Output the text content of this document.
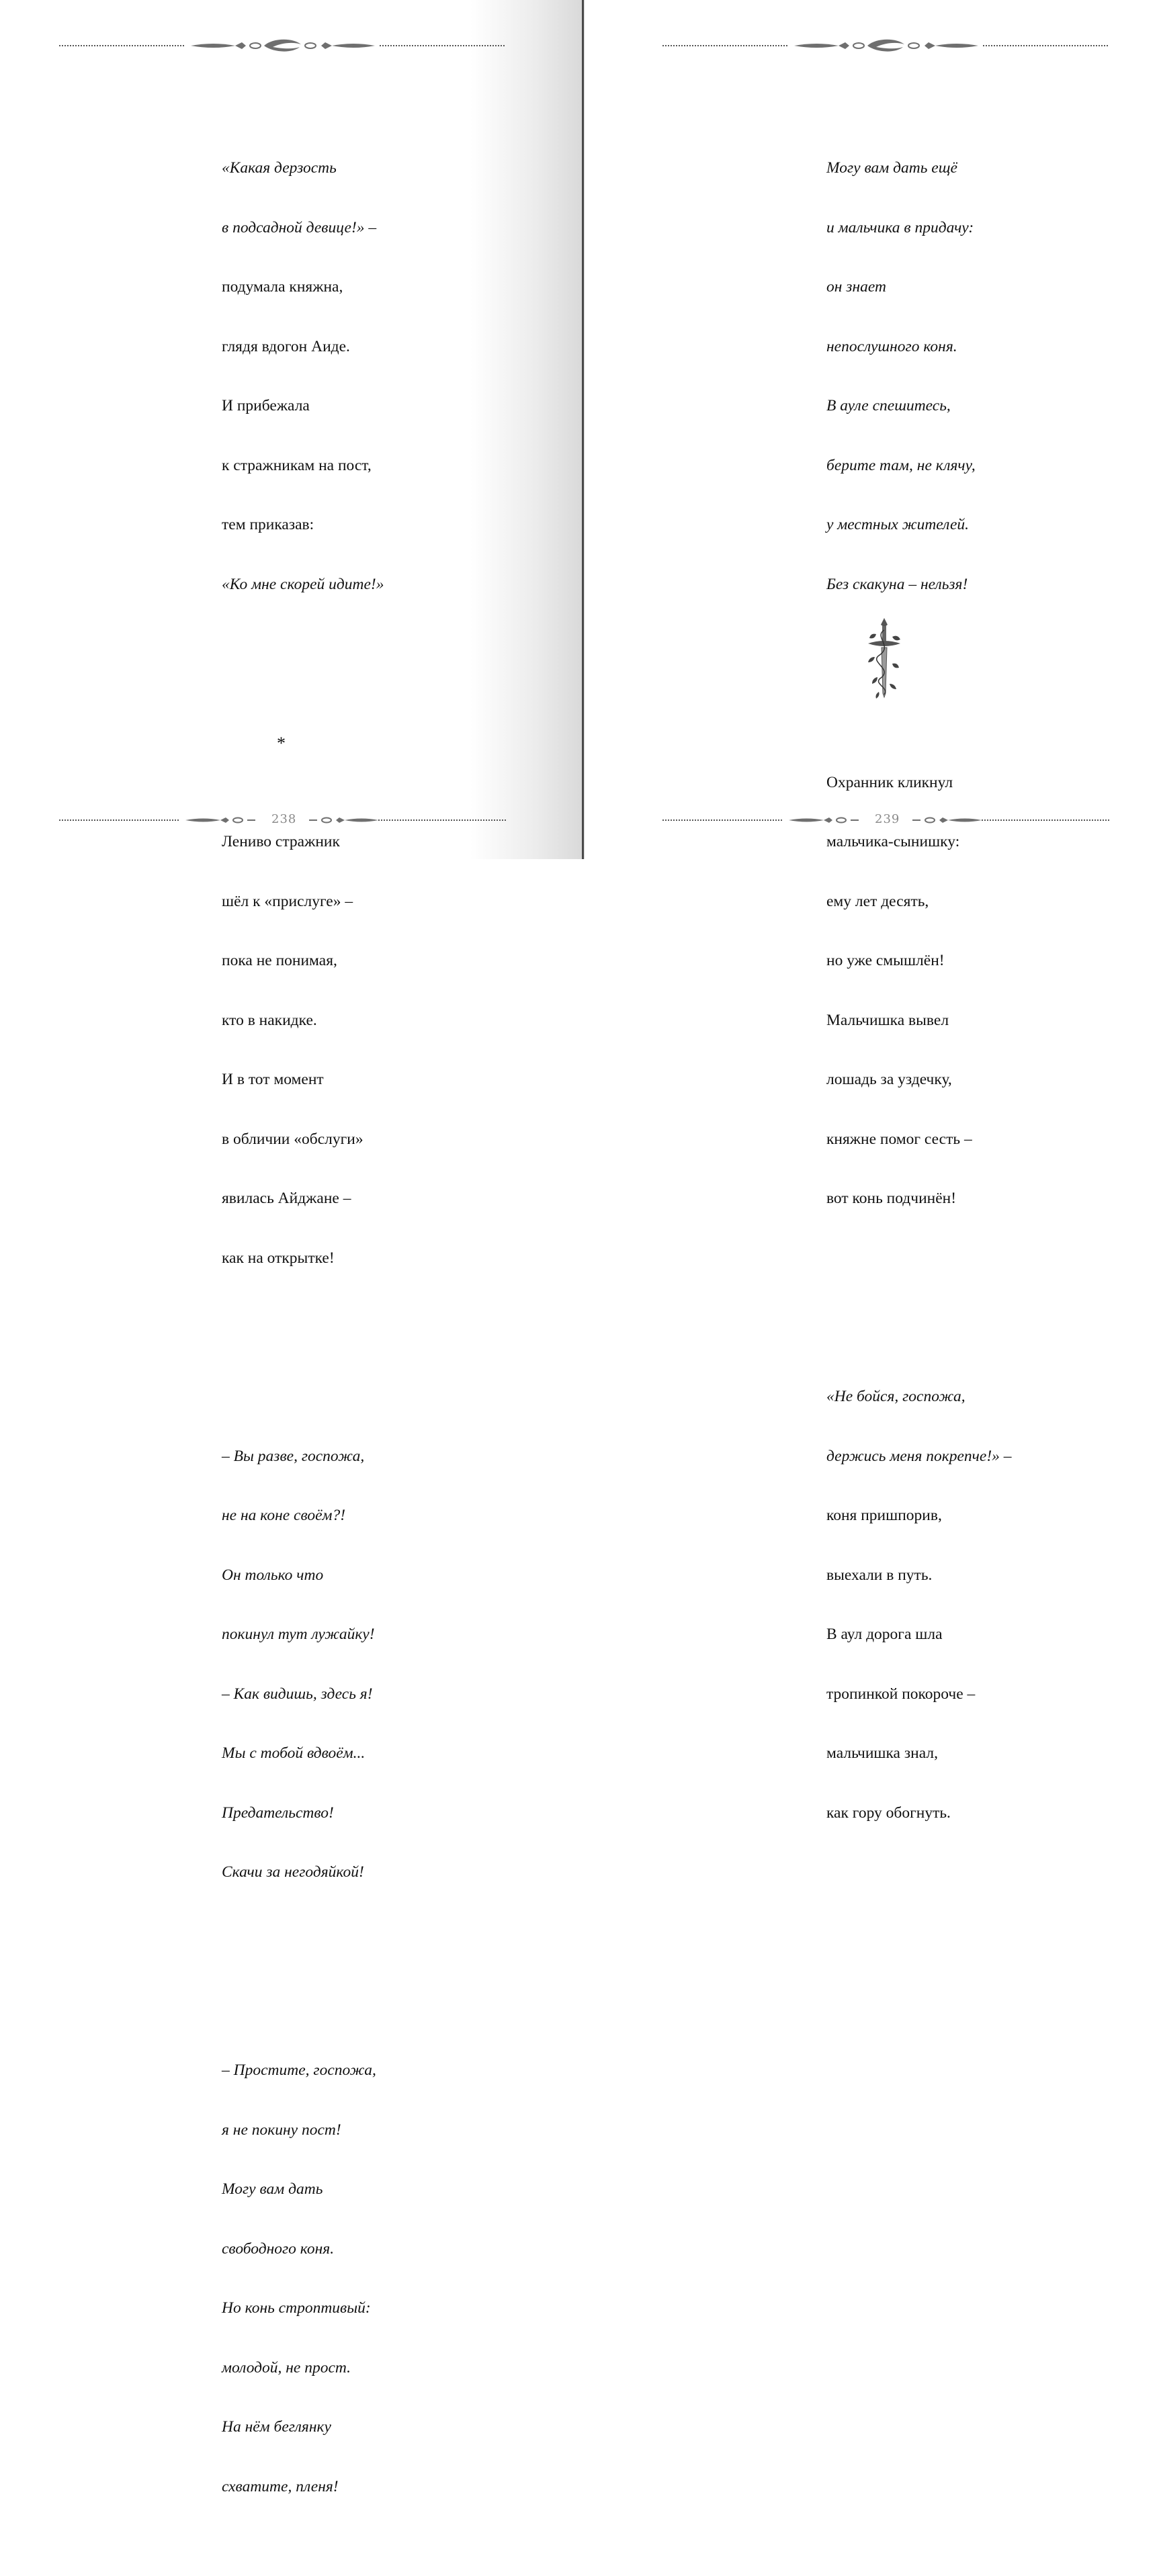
«Какая дерзость

в подсадной девице!» –

подумала княжна,

глядя вдогон Аиде.

И прибежала

к стражникам на пост,

тем приказав:

«Ко мне скорей идите!»

*

Лениво стражник

шёл к «прислуге» –

пока не понимая,

кто в накидке.

И в тот момент

в обличии «обслуги»

явилась Айджане –

как на открытке!

– Вы разве, госпожа,

не на коне своём?!

Он только что

покинул тут лужайку!

– Как видишь, здесь я!

Мы с тобой вдвоём...

Предательство!

Скачи за негодяйкой!

– Простите, госпожа,

я не покину пост!

Могу вам дать

свободного коня.

Но конь строптивый:

молодой, не прост.

На нём беглянку

схватите, пленя!

238

Могу вам дать ещё

и мальчика в придачу:

он знает

непослушного коня.

В ауле спешитесь,

берите там, не клячу,

у местных жителей.

Без скакуна – нельзя!

Охранник кликнул

мальчика-сынишку:

ему лет десять,

но уже смышлён!

Мальчишка вывел

лошадь за уздечку,

княжне помог сесть –

вот конь подчинён!

«Не бойся, госпожа,

держись меня покрепче!» –

коня пришпорив,

выехали в путь.

В аул дорога шла

тропинкой покороче –

мальчишка знал,

как гору обогнуть.

239
